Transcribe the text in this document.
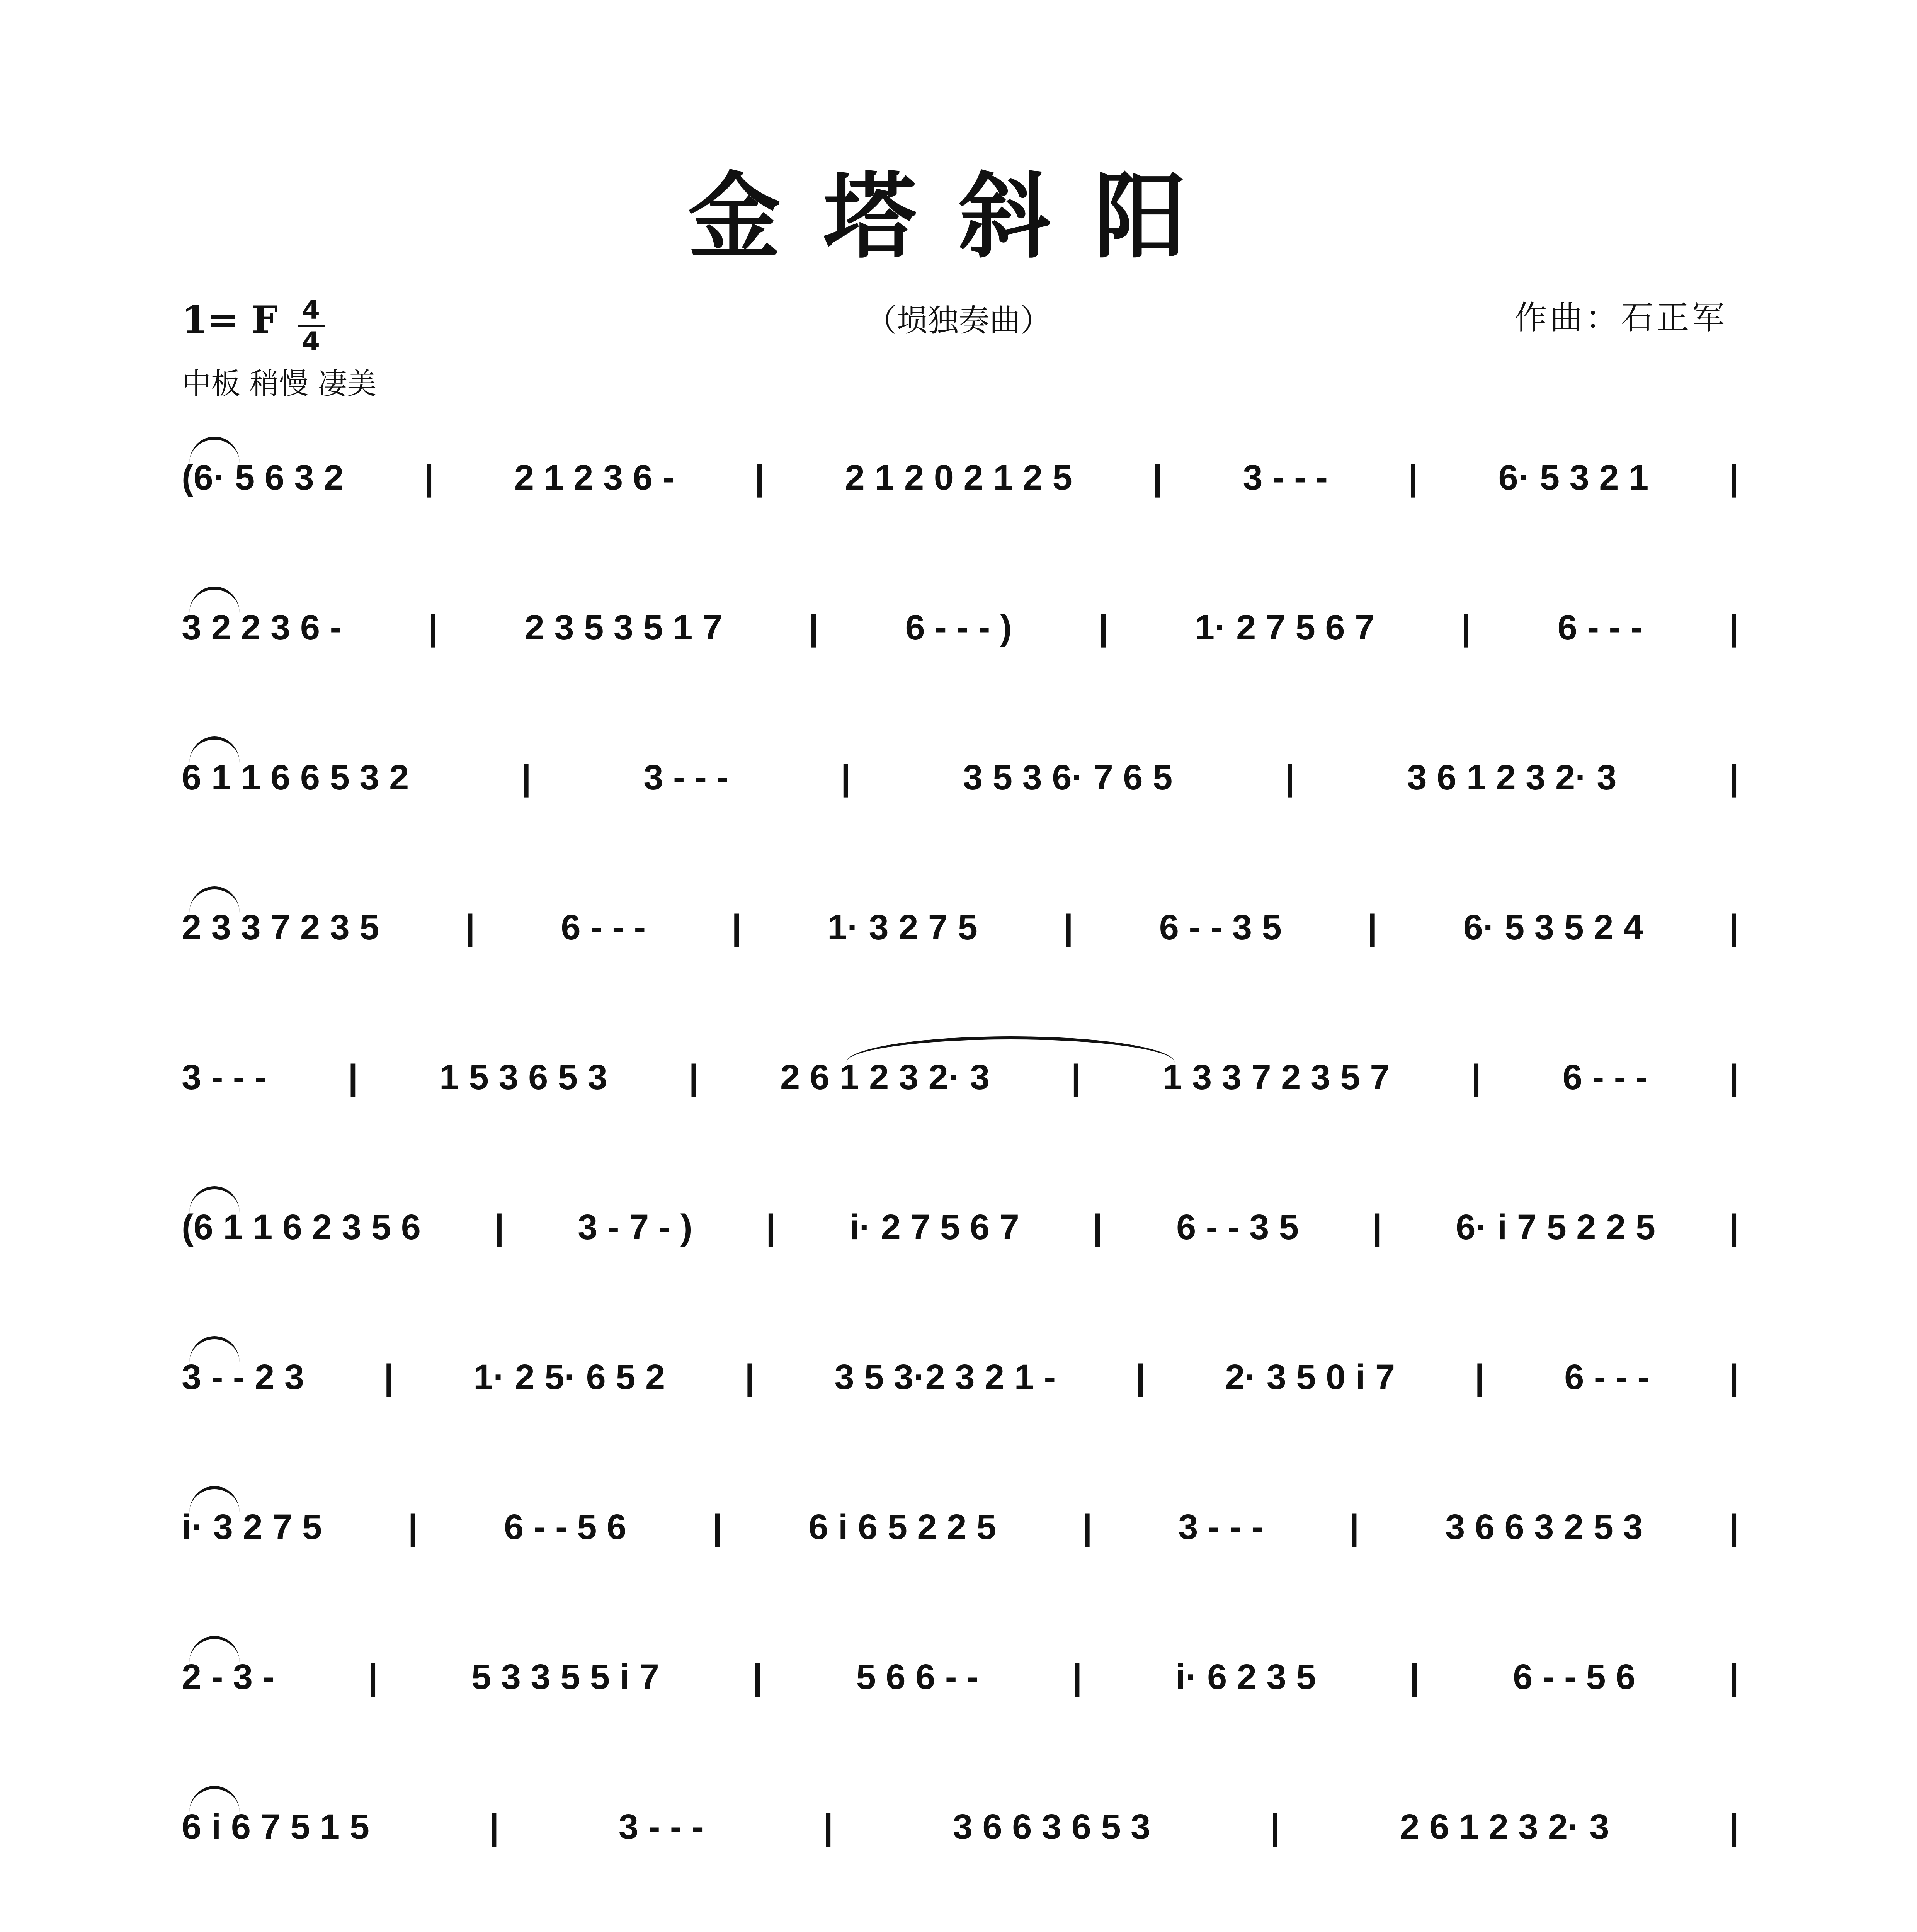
金塔斜阳
1= F $\frac{4}{4}$	（埙独奏曲）	作曲：石正军
中板 稍慢 凄美
(6· 5 6 3 2 | 2 1 2 3 6 - | 2 1 2 0 2 1 2 5 | 3 - - - | 6· 5 3 2 1 |
3 2 2 3 6 - | 2 3 5 3 5 1 7 | 6 - - - ) | 1· 2 7 5 6 7 | 6 - - - |
6 1 1 6 6 5 3 2	|	3 - - -	|	3 5 3 6· 7 6 5	|	3 6 1 2 3 2· 3	|
2 3 3 7 2 3 5 | 6 - - - | 1· 3 2 7 5 | 6 - - 3 5 | 6· 5 3 5 2 4 |
3 - - - | 1 5 3 6 5 3 | 2 6 1 2 3 2· 3 | 1 3 3 7 2 3 5 7 | 6 - - - |
(6 1 1 6 2 3 5 6 | 3 - 7 - ) | i· 2 7 5 6 7 | 6 - - 3 5 | 6· i 7 5 2 2 5 |
3 - - 2 3 | 1· 2 5· 6 5 2 | 3 5 3·2 3 2 1 - | 2· 3 5 0 i 7 | 6 - - - |
i· 3 2 7 5 | 6 - - 5 6 | 6 i 6 5 2 2 5 | 3 - - - | 3 6 6 3 2 5 3 |
2 - 3 -	|	5 3 3 5 5 i 7	|	5 6 6 - -	|	i· 6 2 3 5	|	6 - - 5 6	|
6 i 6 7 5 1 5	|	3 - - -	|	3 6 6 3 6 5 3	|	2 6 1 2 3 2· 3	|
